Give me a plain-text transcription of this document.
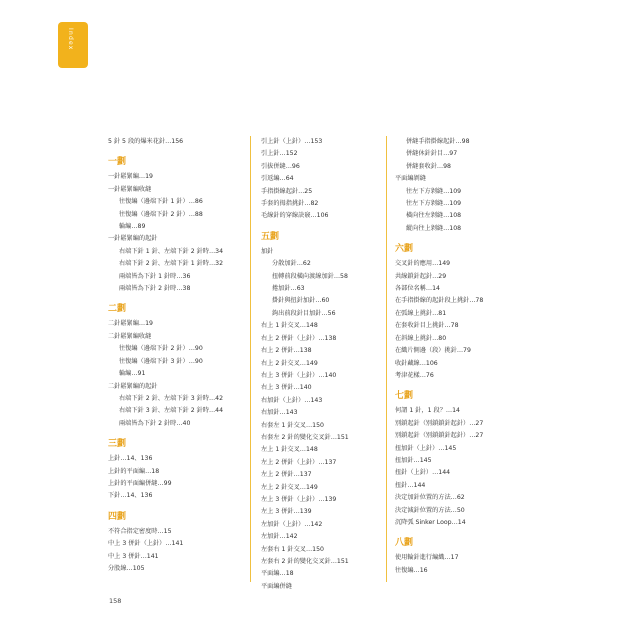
Index
5 針 5 段的爆米花針…156
一劃
一針鬆緊編…19
一針鬆緊編收縫
往復編（邊端下針 1 針）…86
往復編（邊端下針 2 針）…88
輪編…89
一針鬆緊編的起針
右端下針 1 針、左端下針 2 針時…34
右端下針 2 針、左端下針 1 針時…32
兩端皆為下針 1 針時…36
兩端皆為下針 2 針時…38
二劃
二針鬆緊編…19
二針鬆緊編收縫
往復編（邊端下針 2 針）…90
往復編（邊端下針 3 針）…90
輪編…91
二針鬆緊編的起針
右端下針 2 針、左端下針 3 針時…42
右端下針 3 針、左端下針 2 針時…44
兩端皆為下針 2 針時…40
三劃
上針…14、136
上針的平面編…18
上針的平面編併縫…99
下針…14、136
四劃
不符合指定密度時…15
中上 3 併針（上針）…141
中上 3 併針…141
分股線…105
引上針（上針）…153
引上針…152
引拔併縫…96
引返編…64
手指掛線起針…25
手套的拇指挑針…82
毛線針的穿線訣竅…106
五劃
加針
分散加針…62
扭轉前段橫向渡線加針…58
捲加針…63
掛針與扭針加針…60
鉤出前段針目加針…56
右上 1 針交叉…148
右上 2 併針（上針）…138
右上 2 併針…138
右上 2 針交叉…149
右上 3 併針（上針）…140
右上 3 併針…140
右加針（上針）…143
右加針…143
右套左 1 針交叉…150
右套左 2 針的變化交叉針…151
左上 1 針交叉…148
左上 2 併針（上針）…137
左上 2 併針…137
左上 2 針交叉…149
左上 3 併針（上針）…139
左上 3 併針…139
左加針（上針）…142
左加針…142
左套右 1 針交叉…150
左套右 2 針的變化交叉針…151
平面編…18
平面編併縫
併縫手指掛線起針…98
併縫休針針目…97
併縫套收針…98
平面編剝縫
往左下方剝縫…109
往左下方剝縫…109
橫向往左剝縫…108
縱向往上剝縫…108
六劃
交叉針的應用…149
共線鎖針起針…29
各部位名稱…14
在手指掛線的起針段上挑針…78
在弧線上挑針…81
在套收針目上挑針…78
在斜線上挑針…80
在織片側邊（段）挑針…79
收針藏線…106
考津花樣…76
七劃
何謂 1 針，1 段？…14
別鎖起針（別鎖鎖針起針）…27
別鎖起針（別鎖鎖針起針）…27
扭加針（上針）…145
扭加針…145
扭針（上針）…144
扭針…144
決定加針位置的方法…62
決定減針位置的方法…50
沉降弧 Sinker Loop…14
八劃
使用輪針進行編織…17
往復編…16
158
